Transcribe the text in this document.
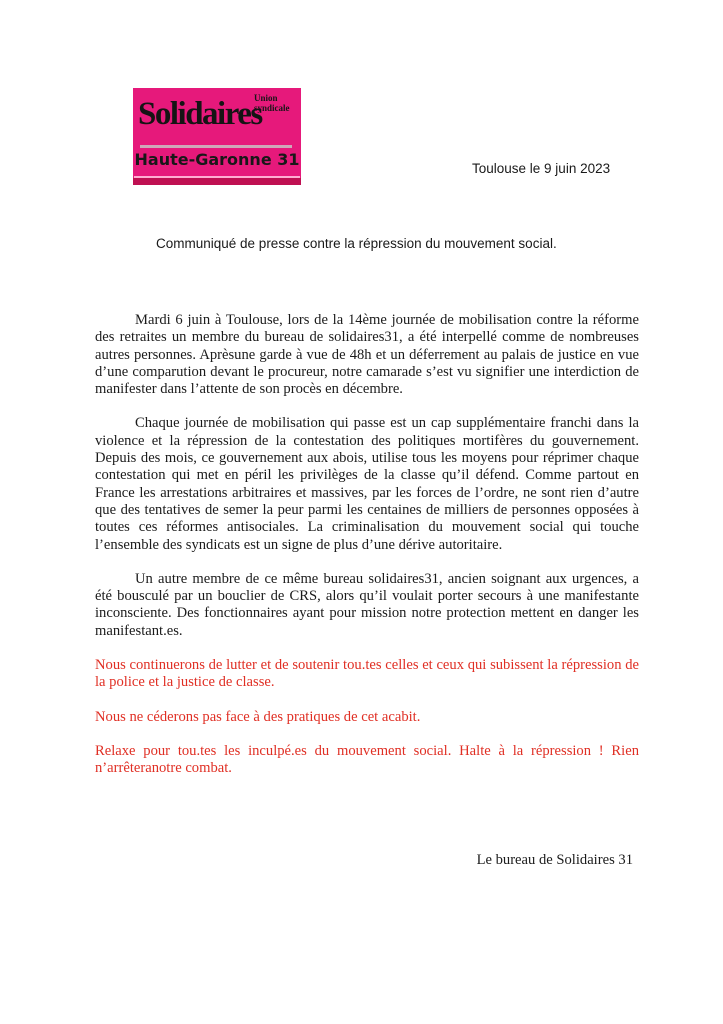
Union
syndicale
Solidaires
Haute-Garonne 31	Toulouse le 9 juin 2023
Communiqué de presse contre la répression du mouvement social.

Mardi 6 juin à Toulouse, lors de la 14ème journée de mobilisation contre la réforme des retraites un membre du bureau de solidaires31, a été interpellé comme de nombreuses autres personnes. Aprèsune garde à vue de 48h et un déferrement au palais de justice en vue d’une comparution devant le procureur, notre camarade s’est vu signifier une interdiction de manifester dans l’attente de son procès en décembre.

Chaque journée de mobilisation qui passe est un cap supplémentaire franchi dans la violence et la répression de la contestation des politiques mortifères du gouvernement. Depuis des mois, ce gouvernement aux abois, utilise tous les moyens pour réprimer chaque contestation qui met en péril les privilèges de la classe qu’il défend. Comme partout en France les arrestations arbitraires et massives, par les forces de l’ordre, ne sont rien d’autre que des tentatives de semer la peur parmi les centaines de milliers de personnes opposées à toutes ces réformes antisociales. La criminalisation du mouvement social qui touche l’ensemble des syndicats est un signe de plus d’une dérive autoritaire.

Un autre membre de ce même bureau solidaires31, ancien soignant aux urgences, a été bousculé par un bouclier de CRS, alors qu’il voulait porter secours à une manifestante inconsciente. Des fonctionnaires ayant pour mission notre protection mettent en danger les manifestant.es.

Nous continuerons de lutter et de soutenir tou.tes celles et ceux qui subissent la répression de la police et la justice de classe.

Nous ne céderons pas face à des pratiques de cet acabit.

Relaxe pour tou.tes les inculpé.es du mouvement social. Halte à la répression ! Rien n’arrêteranotre combat.

Le bureau de Solidaires 31
